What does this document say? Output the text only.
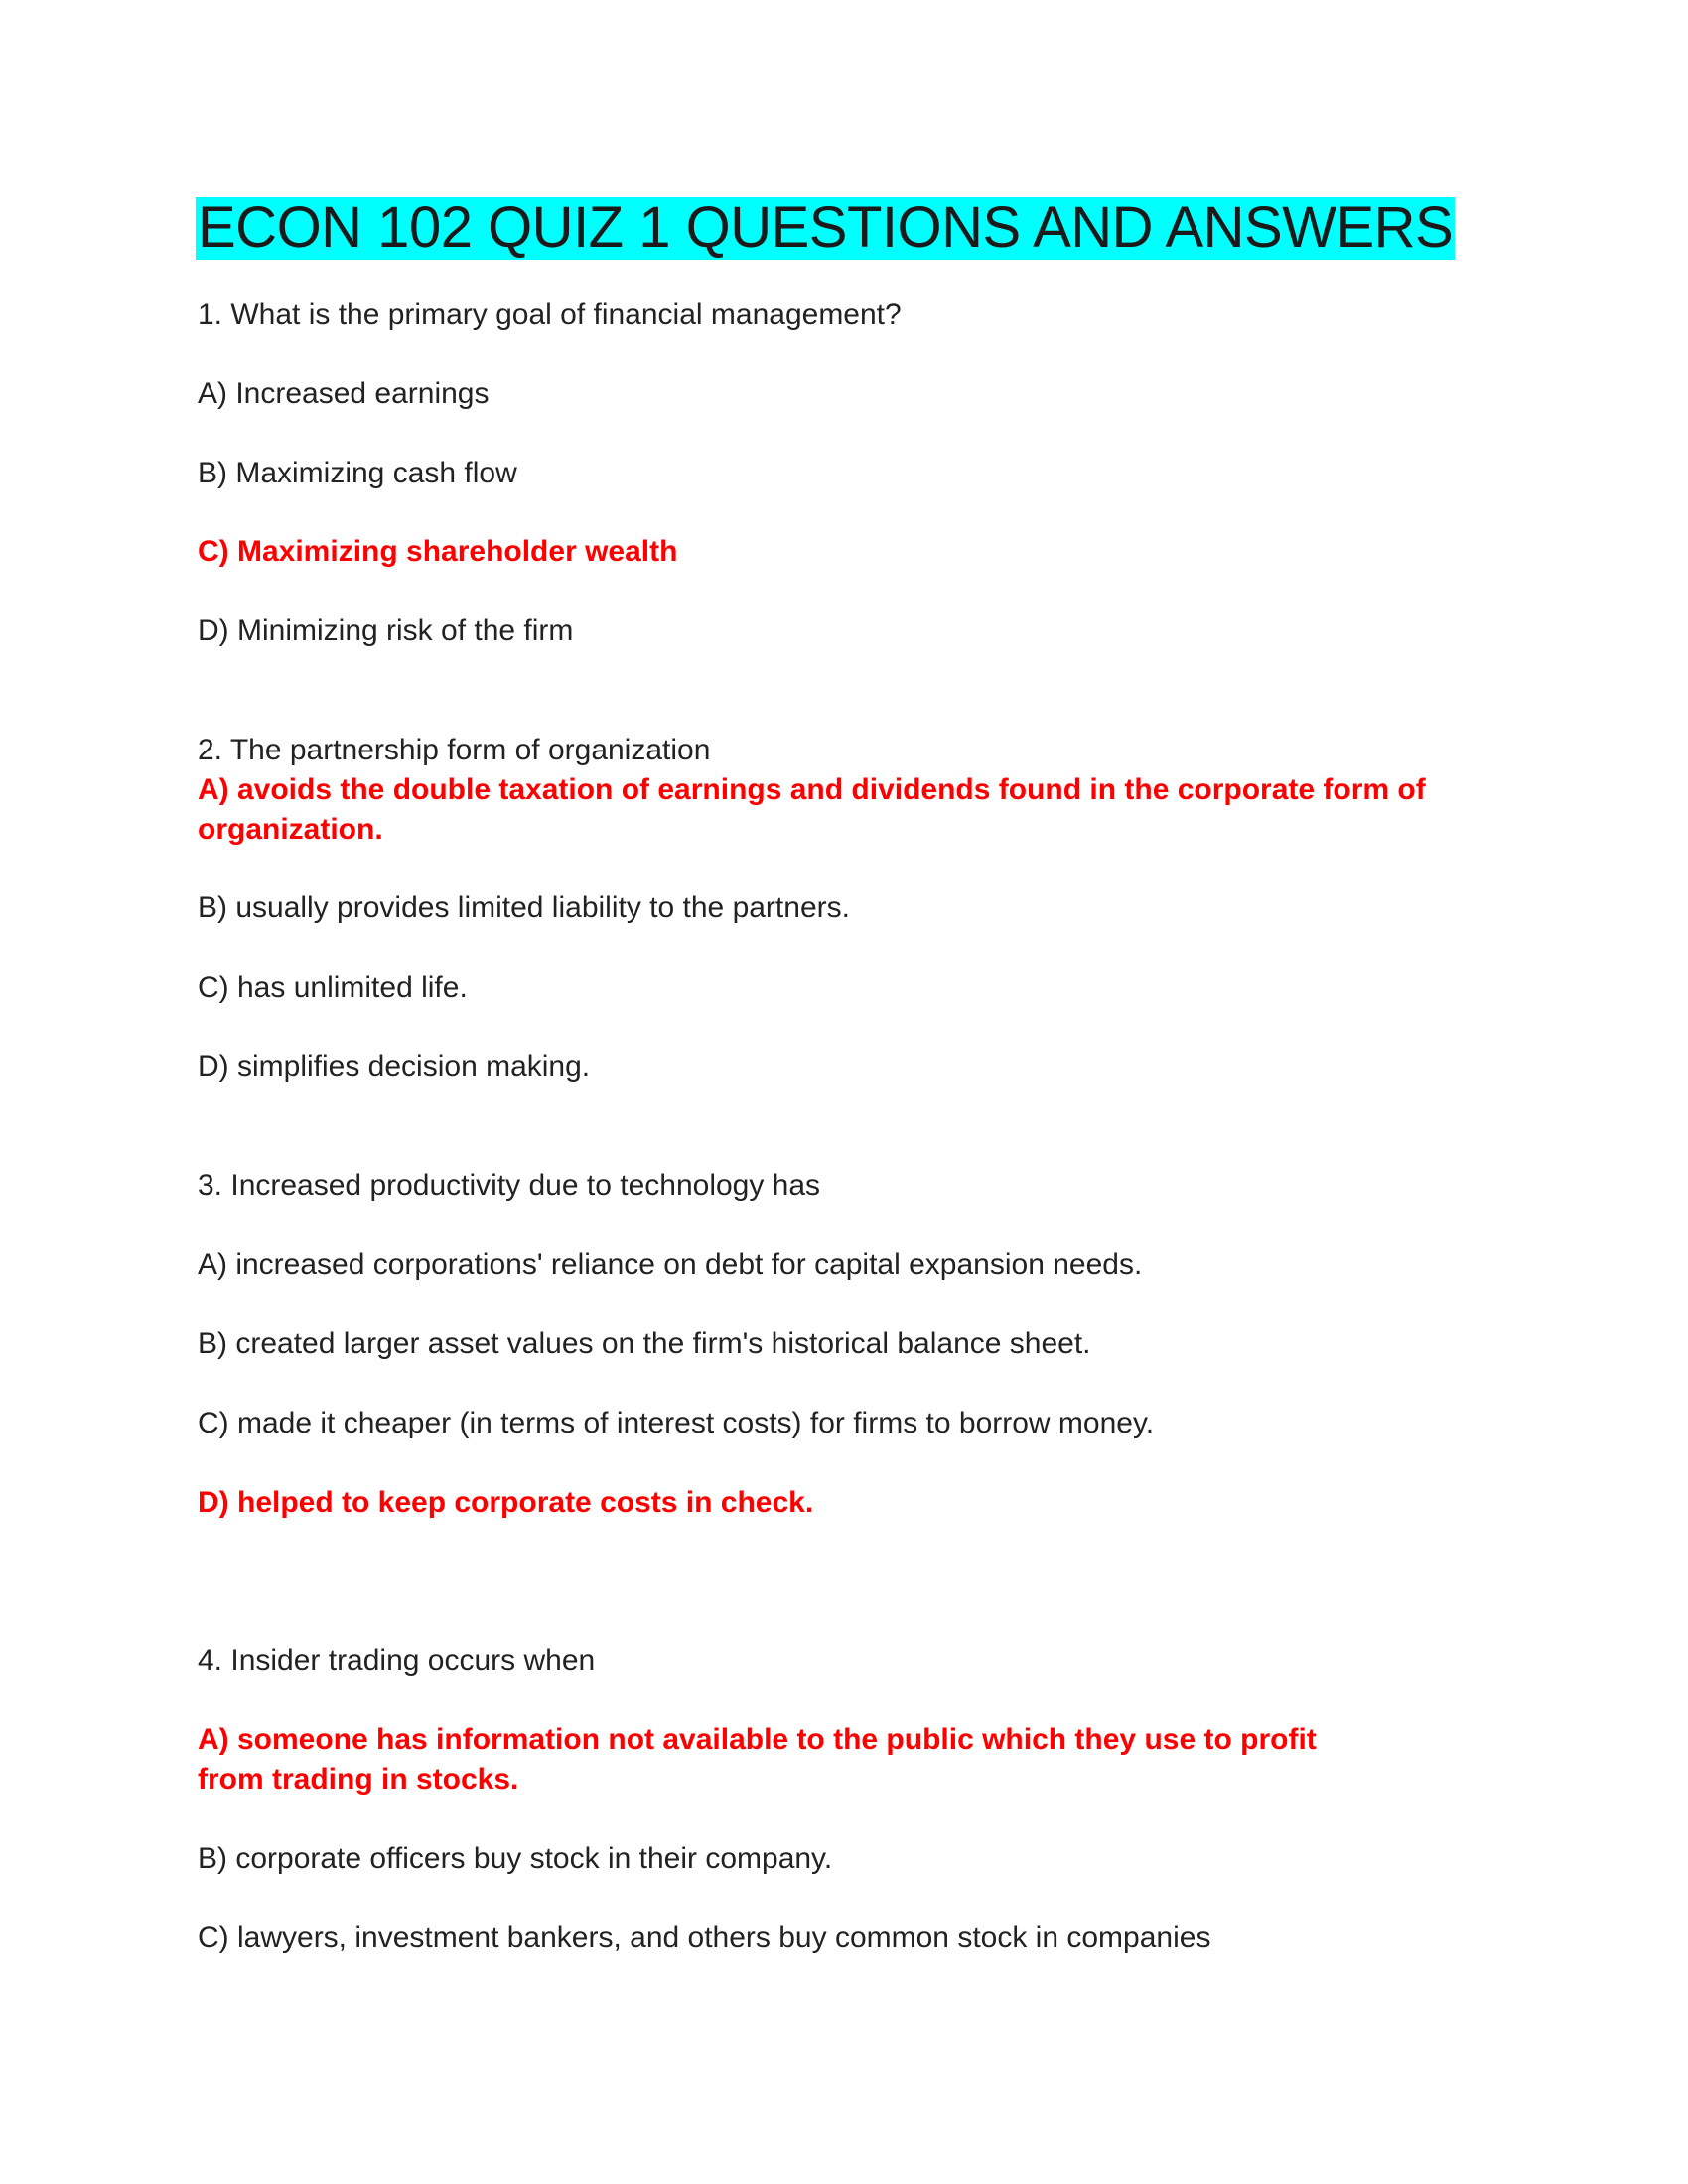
ECON 102 QUIZ 1 QUESTIONS AND ANSWERS
1. What is the primary goal of financial management?
A) Increased earnings
B) Maximizing cash flow
C) Maximizing shareholder wealth
D) Minimizing risk of the firm
2. The partnership form of organization
A) avoids the double taxation of earnings and dividends found in the corporate form of
organization.
B) usually provides limited liability to the partners.
C) has unlimited life.
D) simplifies decision making.
3. Increased productivity due to technology has
A) increased corporations' reliance on debt for capital expansion needs.
B) created larger asset values on the firm's historical balance sheet.
C) made it cheaper (in terms of interest costs) for firms to borrow money.
D) helped to keep corporate costs in check.
4. Insider trading occurs when
A) someone has information not available to the public which they use to profit
from trading in stocks.
B) corporate officers buy stock in their company.
C) lawyers, investment bankers, and others buy common stock in companies
